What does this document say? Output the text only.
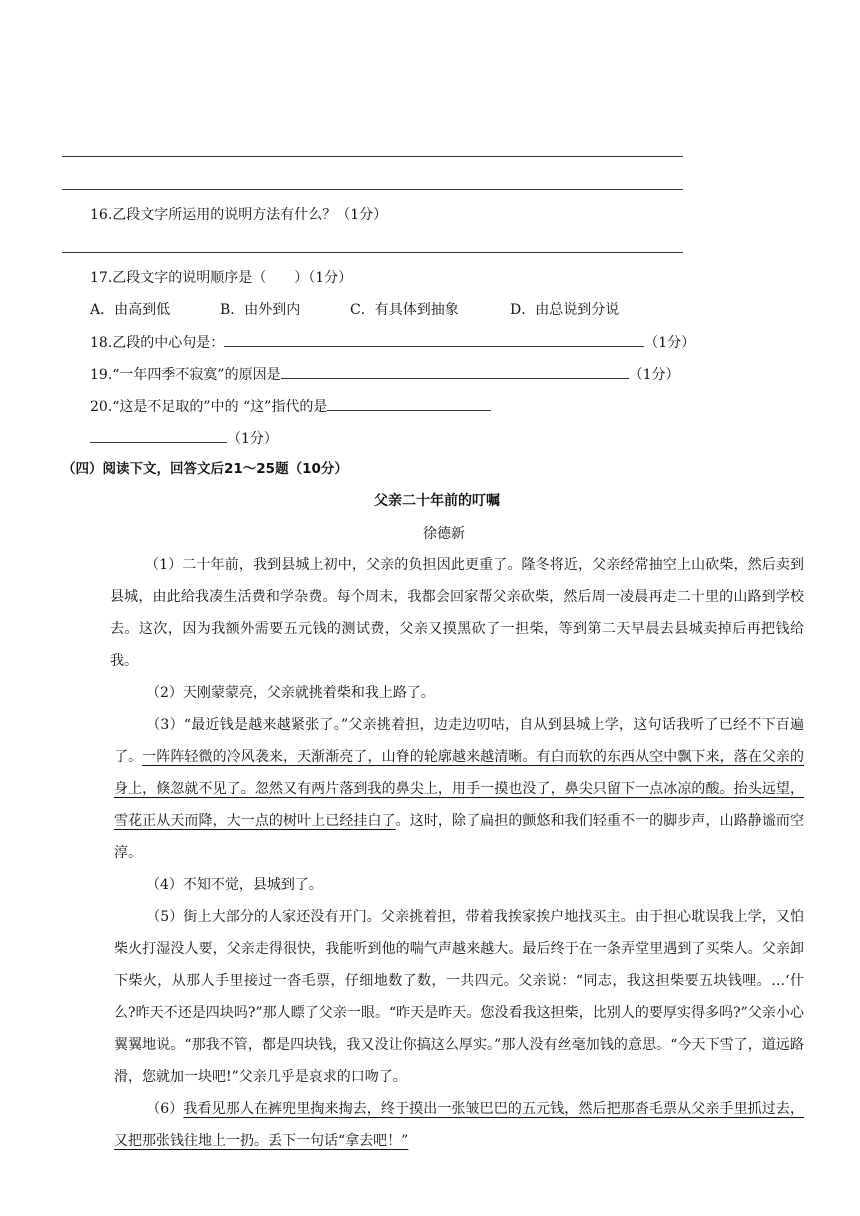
16.乙段文字所运用的说明方法有什么？（1分）
17.乙段文字的说明顺序是（　　）（1分）
A．由高到低	B．由外到内	C．有具体到抽象	D．由总说到分说
18.乙段的中心句是：	（1分）
19.“一年四季不寂寞”的原因是	（1分）
20.“这是不足取的”中的 “这”指代的是
（1分）
（四）阅读下文，回答文后21～25题（10分）
父亲二十年前的叮嘱
徐德新
（1）二十年前，我到县城上初中，父亲的负担因此更重了。隆冬将近，父亲经常抽空上山砍柴，然后卖到县城，由此给我凑生活费和学杂费。每个周末，我都会回家帮父亲砍柴，然后周一凌晨再走二十里的山路到学校去。这次，因为我额外需要五元钱的测试费，父亲又摸黑砍了一担柴，等到第二天早晨去县城卖掉后再把钱给我。
（2）天刚蒙蒙亮，父亲就挑着柴和我上路了。
（3）“最近钱是越来越紧张了。”父亲挑着担，边走边叨咕，自从到县城上学，这句话我听了已经不下百遍了。一阵阵轻微的冷风袭来，天渐渐亮了，山脊的轮廓越来越清晰。有白而软的东西从空中飘下来，落在父亲的身上，倏忽就不见了。忽然又有两片落到我的鼻尖上，用手一摸也没了，鼻尖只留下一点冰凉的酸。抬头远望，雪花正从天而降，大一点的树叶上已经挂白了。这时，除了扁担的颤悠和我们轻重不一的脚步声，山路静谧而空淳。
（4）不知不觉，县城到了。
（5）街上大部分的人家还没有开门。父亲挑着担，带着我挨家挨户地找买主。由于担心耽误我上学，又怕柴火打湿没人要，父亲走得很快，我能听到他的喘气声越来越大。最后终于在一条弄堂里遇到了买柴人。父亲卸下柴火，从那人手里接过一沓毛票，仔细地数了数，一共四元。父亲说：“同志，我这担柴要五块钱哩。…‘什么?昨天不还是四块吗?”那人瞟了父亲一眼。“昨天是昨天。您没看我这担柴，比别人的要厚实得多吗?”父亲小心翼翼地说。“那我不管，都是四块钱，我又没让你搞这么厚实。”那人没有丝毫加钱的意思。“今天下雪了，道远路滑，您就加一块吧!”父亲几乎是哀求的口吻了。
（6）我看见那人在裤兜里掏来掏去，终于摸出一张皱巴巴的五元钱，然后把那沓毛票从父亲手里抓过去，又把那张钱往地上一扔。丢下一句话“拿去吧！”
